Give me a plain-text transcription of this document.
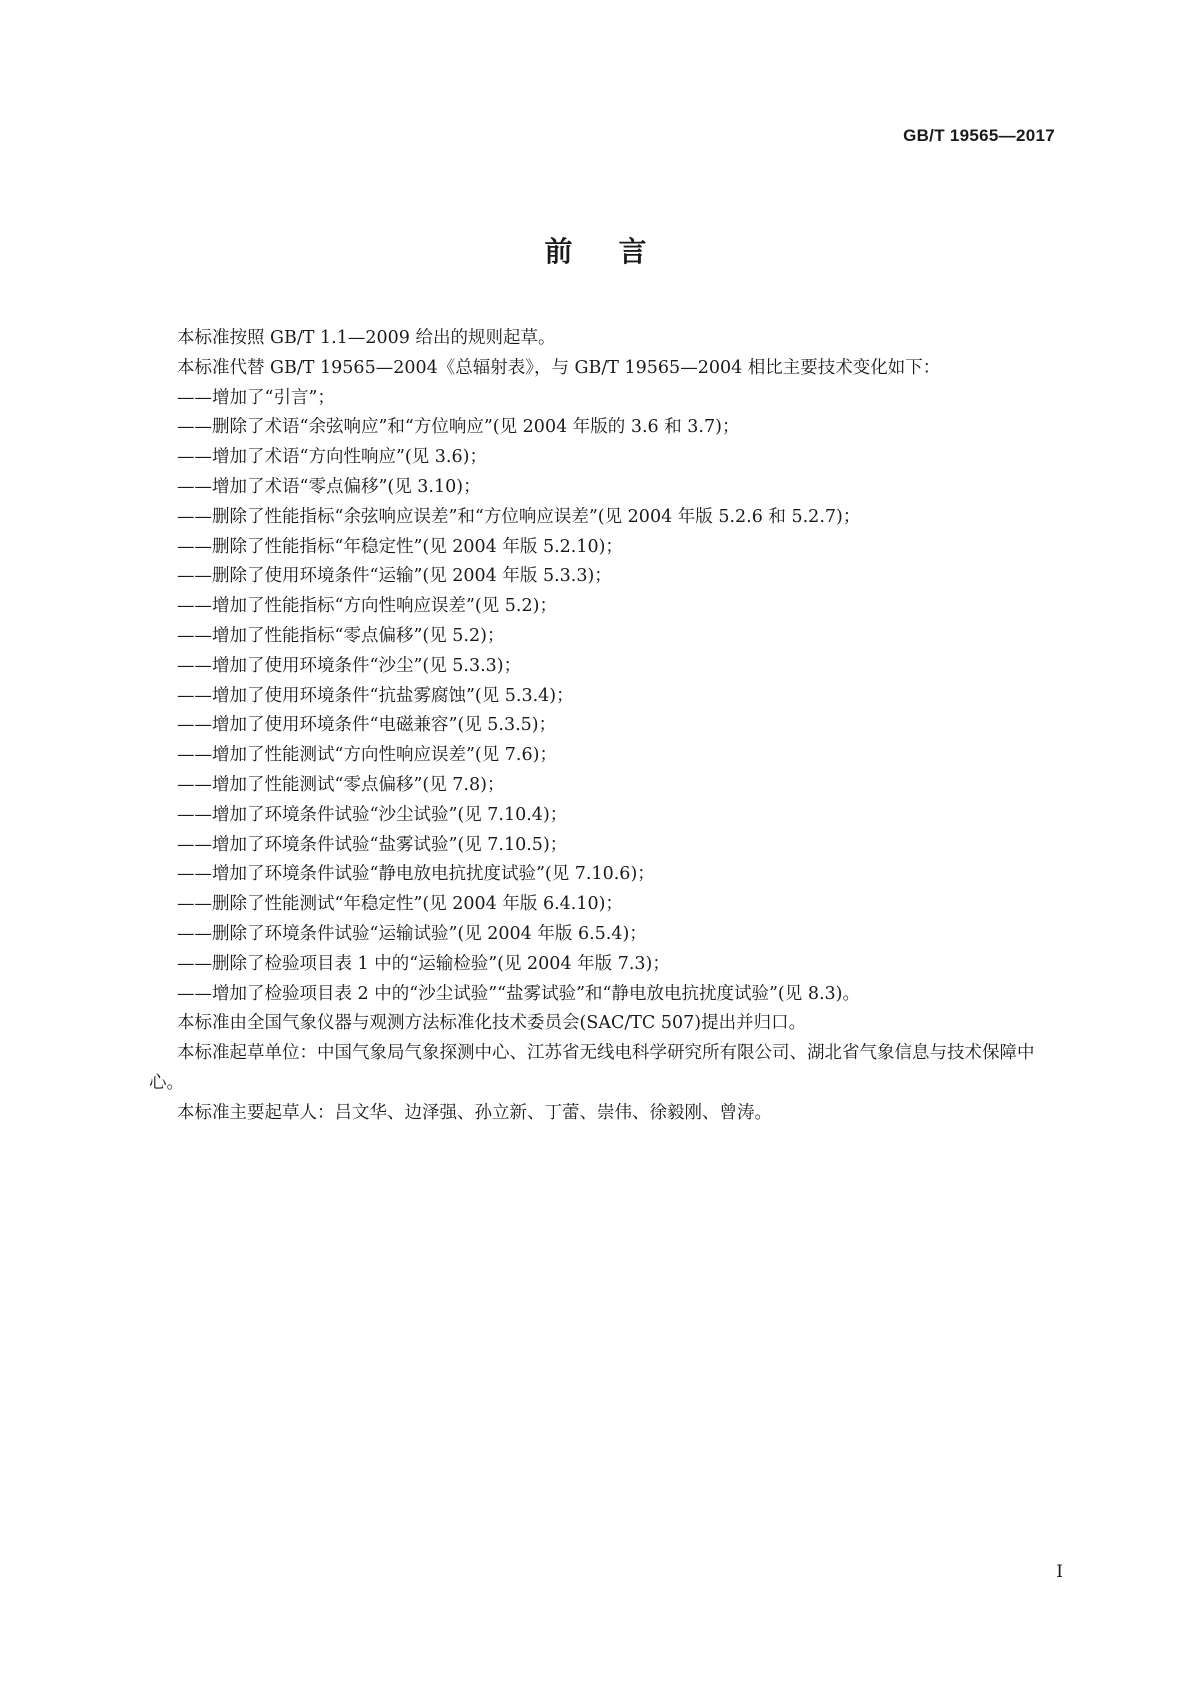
GB/T 19565—2017
前言
本标准按照 GB/T 1.1—2009 给出的规则起草。
本标准代替 GB/T 19565—2004《总辐射表》，与 GB/T 19565—2004 相比主要技术变化如下：
——增加了“引言”；
——删除了术语“余弦响应”和“方位响应”(见 2004 年版的 3.6 和 3.7)；
——增加了术语“方向性响应”(见 3.6)；
——增加了术语“零点偏移”(见 3.10)；
——删除了性能指标“余弦响应误差”和“方位响应误差”(见 2004 年版 5.2.6 和 5.2.7)；
——删除了性能指标“年稳定性”(见 2004 年版 5.2.10)；
——删除了使用环境条件“运输”(见 2004 年版 5.3.3)；
——增加了性能指标“方向性响应误差”(见 5.2)；
——增加了性能指标“零点偏移”(见 5.2)；
——增加了使用环境条件“沙尘”(见 5.3.3)；
——增加了使用环境条件“抗盐雾腐蚀”(见 5.3.4)；
——增加了使用环境条件“电磁兼容”(见 5.3.5)；
——增加了性能测试“方向性响应误差”(见 7.6)；
——增加了性能测试“零点偏移”(见 7.8)；
——增加了环境条件试验“沙尘试验”(见 7.10.4)；
——增加了环境条件试验“盐雾试验”(见 7.10.5)；
——增加了环境条件试验“静电放电抗扰度试验”(见 7.10.6)；
——删除了性能测试“年稳定性”(见 2004 年版 6.4.10)；
——删除了环境条件试验“运输试验”(见 2004 年版 6.5.4)；
——删除了检验项目表 1 中的“运输检验”(见 2004 年版 7.3)；
——增加了检验项目表 2 中的“沙尘试验”“盐雾试验”和“静电放电抗扰度试验”(见 8.3)。
本标准由全国气象仪器与观测方法标准化技术委员会(SAC/TC 507)提出并归口。
本标准起草单位：中国气象局气象探测中心、江苏省无线电科学研究所有限公司、湖北省气象信息与技术保障中心。
本标准主要起草人：吕文华、边泽强、孙立新、丁蕾、崇伟、徐毅刚、曾涛。
I
